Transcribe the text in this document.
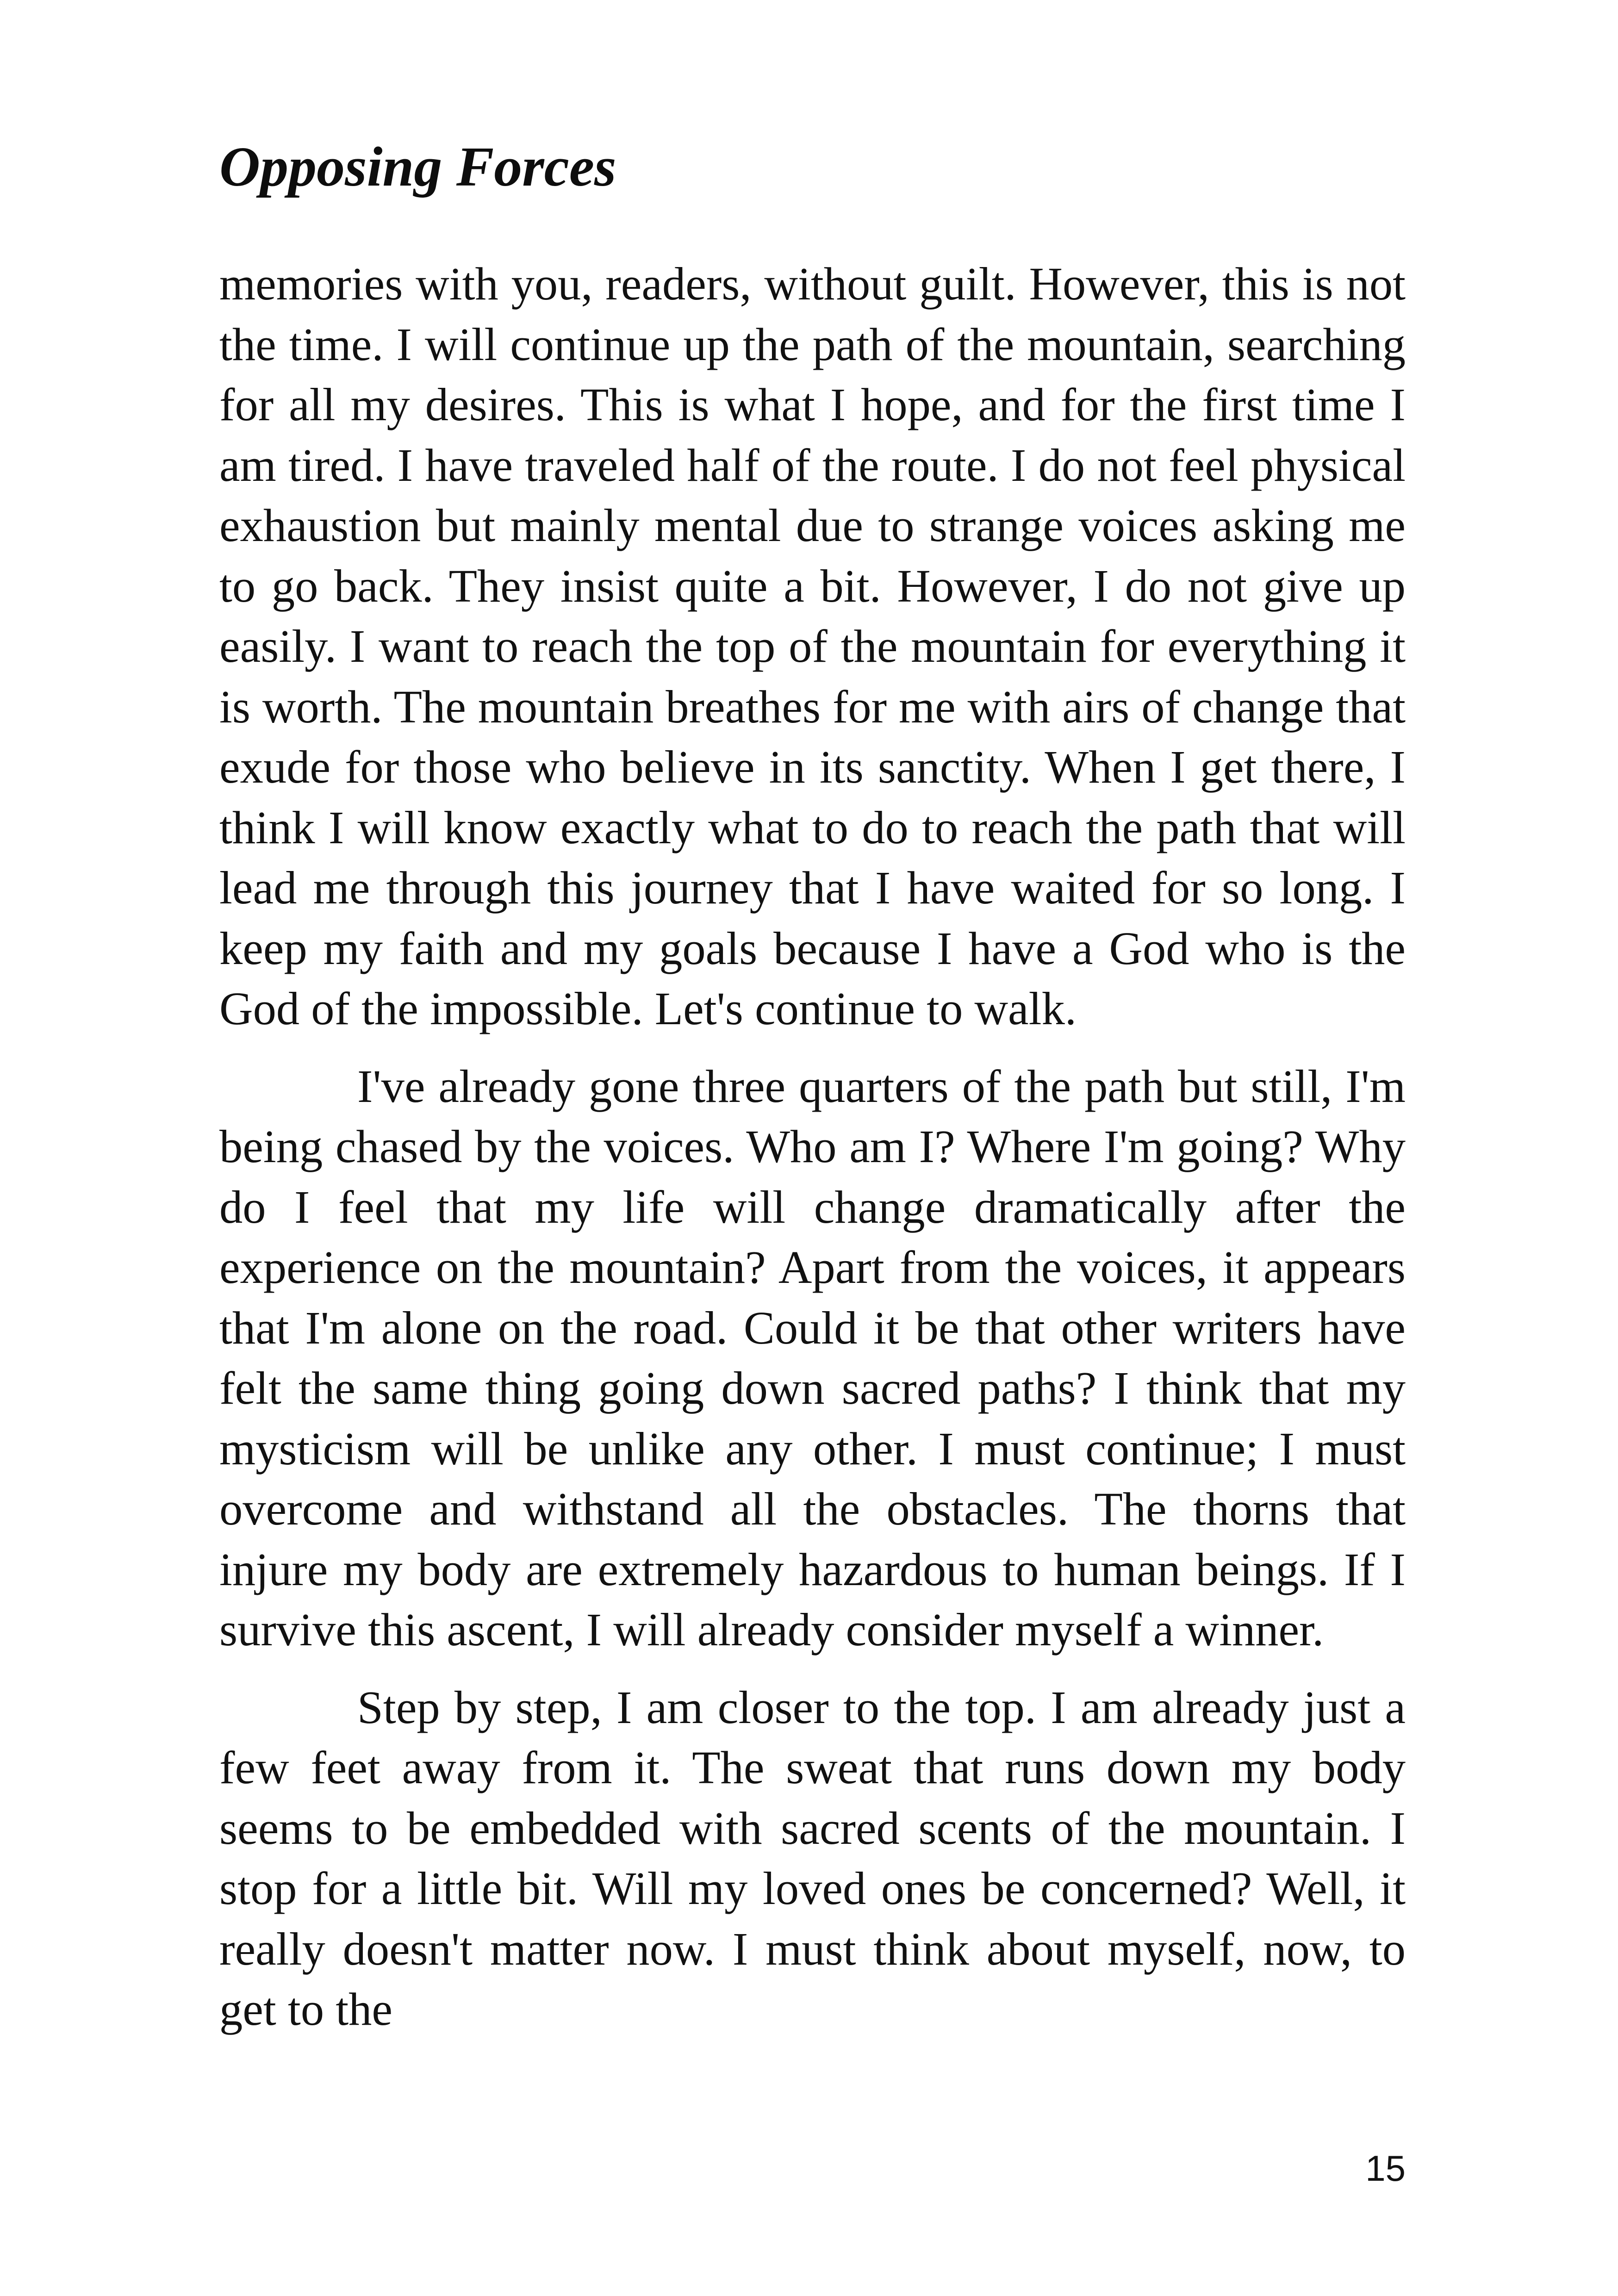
Opposing Forces

memories with you, readers, without guilt. However, this is not the time. I will continue up the path of the mountain, searching for all my desires. This is what I hope, and for the first time I am tired. I have traveled half of the route. I do not feel physical exhaustion but mainly mental due to strange voices asking me to go back. They insist quite a bit. However, I do not give up easily. I want to reach the top of the mountain for everything it is worth. The mountain breathes for me with airs of change that exude for those who believe in its sanctity. When I get there, I think I will know exactly what to do to reach the path that will lead me through this journey that I have waited for so long. I keep my faith and my goals because I have a God who is the God of the impossible. Let's continue to walk.

I've already gone three quarters of the path but still, I'm being chased by the voices. Who am I? Where I'm going? Why do I feel that my life will change dramatically after the experience on the mountain? Apart from the voices, it appears that I'm alone on the road. Could it be that other writers have felt the same thing going down sacred paths? I think that my mysticism will be unlike any other. I must continue; I must overcome and withstand all the obstacles. The thorns that injure my body are extremely hazardous to human beings. If I survive this ascent, I will already consider myself a winner.

Step by step, I am closer to the top. I am already just a few feet away from it. The sweat that runs down my body seems to be embedded with sacred scents of the mountain. I stop for a little bit. Will my loved ones be concerned? Well, it really doesn't matter now. I must think about myself, now, to get to the

15
